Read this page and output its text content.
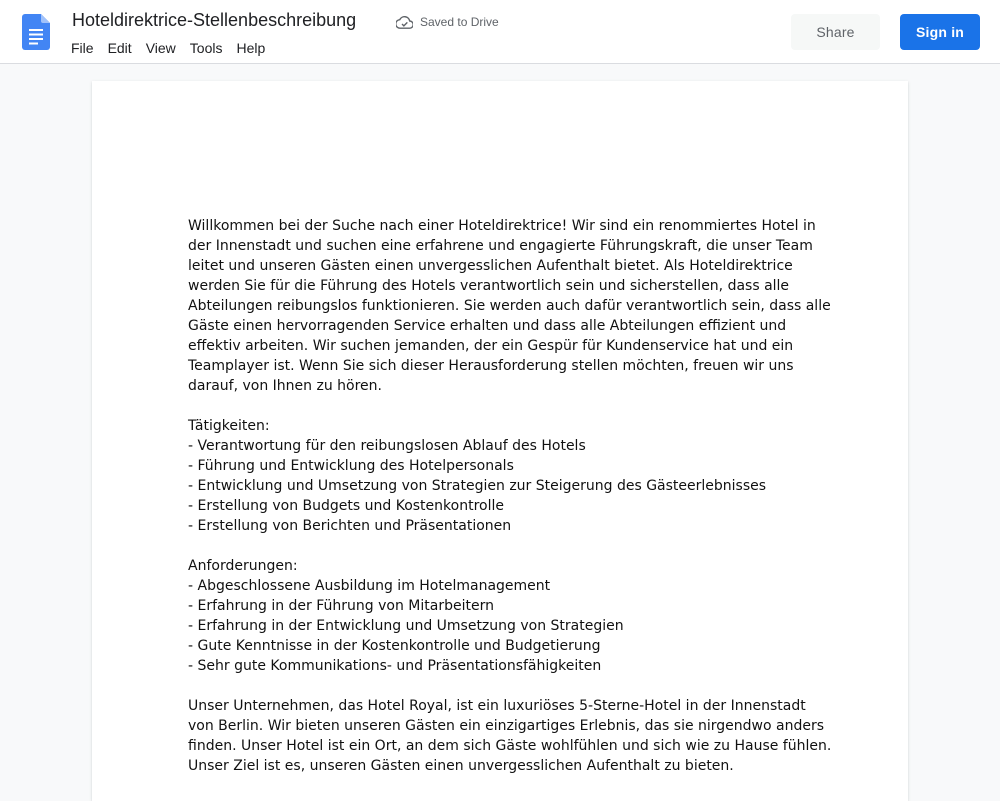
Hoteldirektrice-Stellenbeschreibung	Saved to Drive
File	Edit	View	Tools	Help
Share	Sign in

Willkommen bei der Suche nach einer Hoteldirektrice! Wir sind ein renommiertes Hotel in

der Innenstadt und suchen eine erfahrene und engagierte Führungskraft, die unser Team

leitet und unseren Gästen einen unvergesslichen Aufenthalt bietet. Als Hoteldirektrice

werden Sie für die Führung des Hotels verantwortlich sein und sicherstellen, dass alle

Abteilungen reibungslos funktionieren. Sie werden auch dafür verantwortlich sein, dass alle

Gäste einen hervorragenden Service erhalten und dass alle Abteilungen effizient und

effektiv arbeiten. Wir suchen jemanden, der ein Gespür für Kundenservice hat und ein

Teamplayer ist. Wenn Sie sich dieser Herausforderung stellen möchten, freuen wir uns

darauf, von Ihnen zu hören.

Tätigkeiten:

- Verantwortung für den reibungslosen Ablauf des Hotels

- Führung und Entwicklung des Hotelpersonals

- Entwicklung und Umsetzung von Strategien zur Steigerung des Gästeerlebnisses

- Erstellung von Budgets und Kostenkontrolle

- Erstellung von Berichten und Präsentationen

Anforderungen:

- Abgeschlossene Ausbildung im Hotelmanagement

- Erfahrung in der Führung von Mitarbeitern

- Erfahrung in der Entwicklung und Umsetzung von Strategien

- Gute Kenntnisse in der Kostenkontrolle und Budgetierung

- Sehr gute Kommunikations- und Präsentationsfähigkeiten

Unser Unternehmen, das Hotel Royal, ist ein luxuriöses 5-Sterne-Hotel in der Innenstadt

von Berlin. Wir bieten unseren Gästen ein einzigartiges Erlebnis, das sie nirgendwo anders

finden. Unser Hotel ist ein Ort, an dem sich Gäste wohlfühlen und sich wie zu Hause fühlen.

Unser Ziel ist es, unseren Gästen einen unvergesslichen Aufenthalt zu bieten.
